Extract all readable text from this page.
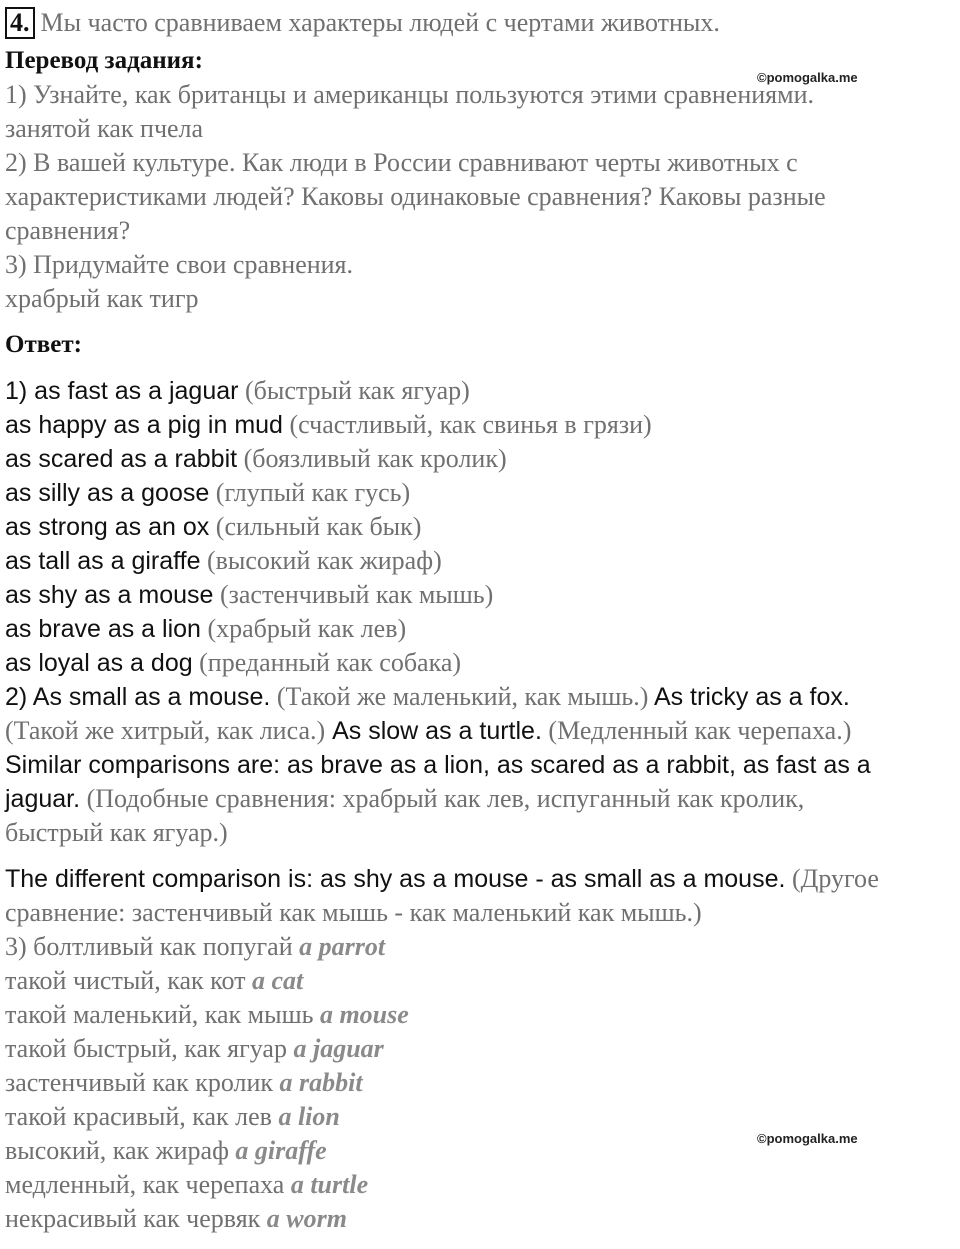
©pomogalka.me
©pomogalka.me
4. Мы часто сравниваем характеры людей с чертами животных.
Перевод задания:
1) Узнайте, как британцы и американцы пользуются этими сравнениями.
занятой как пчела
2) В вашей культуре. Как люди в России сравнивают черты животных с
характеристиками людей? Каковы одинаковые сравнения? Каковы разные
сравнения?
3) Придумайте свои сравнения.
храбрый как тигр
Ответ:
1) as fast as a jaguar (быстрый как ягуар)
as happy as a pig in mud (счастливый, как свинья в грязи)
as scared as a rabbit (боязливый как кролик)
as silly as a goose (глупый как гусь)
as strong as an ox (сильный как бык)
as tall as a giraffe (высокий как жираф)
as shy as a mouse (застенчивый как мышь)
as brave as a lion (храбрый как лев)
as loyal as a dog (преданный как собака)
2) As small as a mouse. (Такой же маленький, как мышь.) As tricky as a fox.
(Такой же хитрый, как лиса.) As slow as a turtle. (Медленный как черепаха.)
Similar comparisons are: as brave as a lion, as scared as a rabbit, as fast as a
jaguar. (Подобные сравнения: храбрый как лев, испуганный как кролик,
быстрый как ягуар.)
The different comparison is: as shy as a mouse - as small as a mouse. (Другое
сравнение: застенчивый как мышь - как маленький как мышь.)
3) болтливый как попугай a parrot
такой чистый, как кот a cat
такой маленький, как мышь a mouse
такой быстрый, как ягуар a jaguar
застенчивый как кролик a rabbit
такой красивый, как лев a lion
высокий, как жираф a giraffe
медленный, как черепаха a turtle
некрасивый как червяк a worm
